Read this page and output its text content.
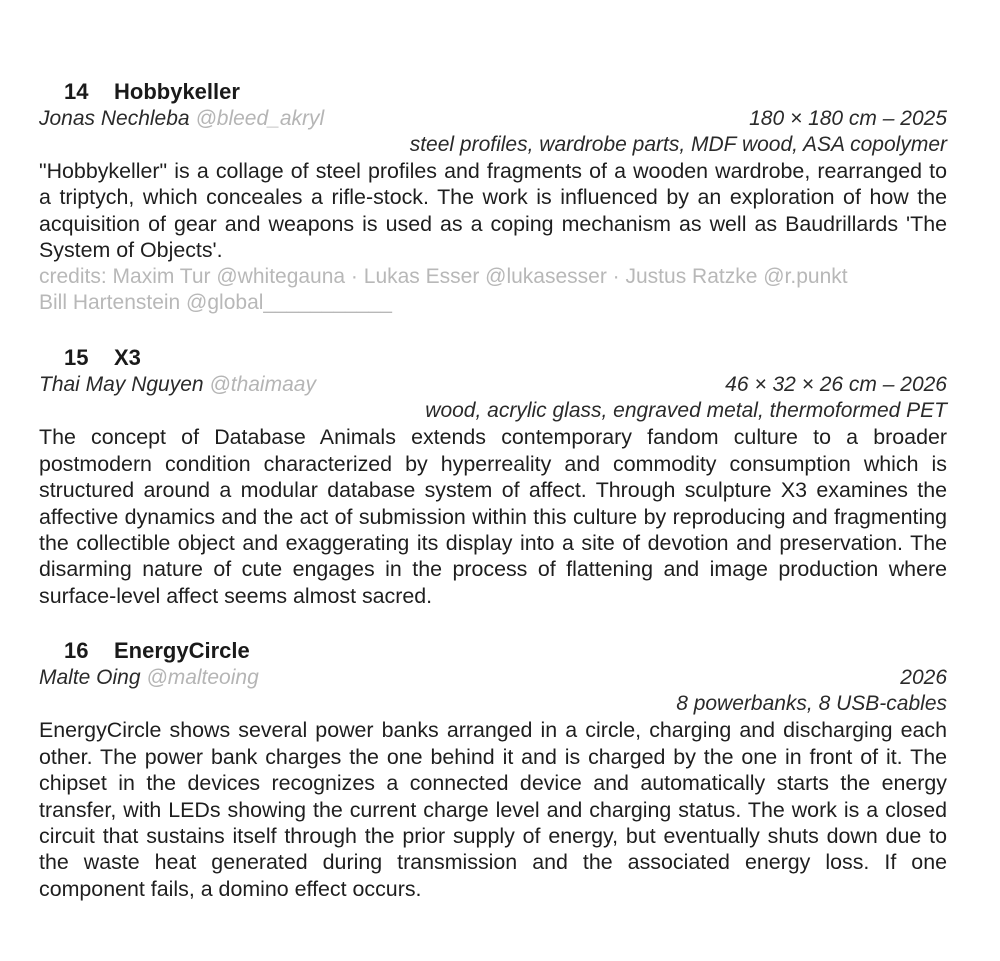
14 Hobbykeller
Jonas Nechleba @bleed_akryl	180 × 180 cm – 2025
steel profiles, wardrobe parts, MDF wood, ASA copolymer

"Hobbykeller" is a collage of steel profiles and fragments of a wooden wardrobe, rearranged to a triptych, which conceales a rifle-stock. The work is influenced by an exploration of how the acquisition of gear and weapons is used as a coping mechanism as well as Baudrillards 'The System of Objects'.

credits: Maxim Tur @whitegauna · Lukas Esser @lukasesser · Justus Ratzke @r.punkt

Bill Hartenstein @global___________

15 X3
Thai May Nguyen @thaimaay	46 × 32 × 26 cm – 2026
wood, acrylic glass, engraved metal, thermoformed PET

The concept of Database Animals extends contemporary fandom culture to a broader postmodern condition characterized by hyperreality and commodity consumption which is structured around a modular database system of affect. Through sculpture X3 examines the affective dynamics and the act of submission within this culture by reproducing and fragmenting the collectible object and exaggerating its display into a site of devotion and preservation. The disarming nature of cute engages in the process of flattening and image production where surface-level affect seems almost sacred.

16 EnergyCircle
Malte Oing @malteoing	2026
8 powerbanks, 8 USB-cables

EnergyCircle shows several power banks arranged in a circle, charging and discharging each other. The power bank charges the one behind it and is charged by the one in front of it. The chipset in the devices recognizes a connected device and automatically starts the energy transfer, with LEDs showing the current charge level and charging status. The work is a closed circuit that sustains itself through the prior supply of energy, but eventually shuts down due to the waste heat generated during transmission and the associated energy loss. If one component fails, a domino effect occurs.
